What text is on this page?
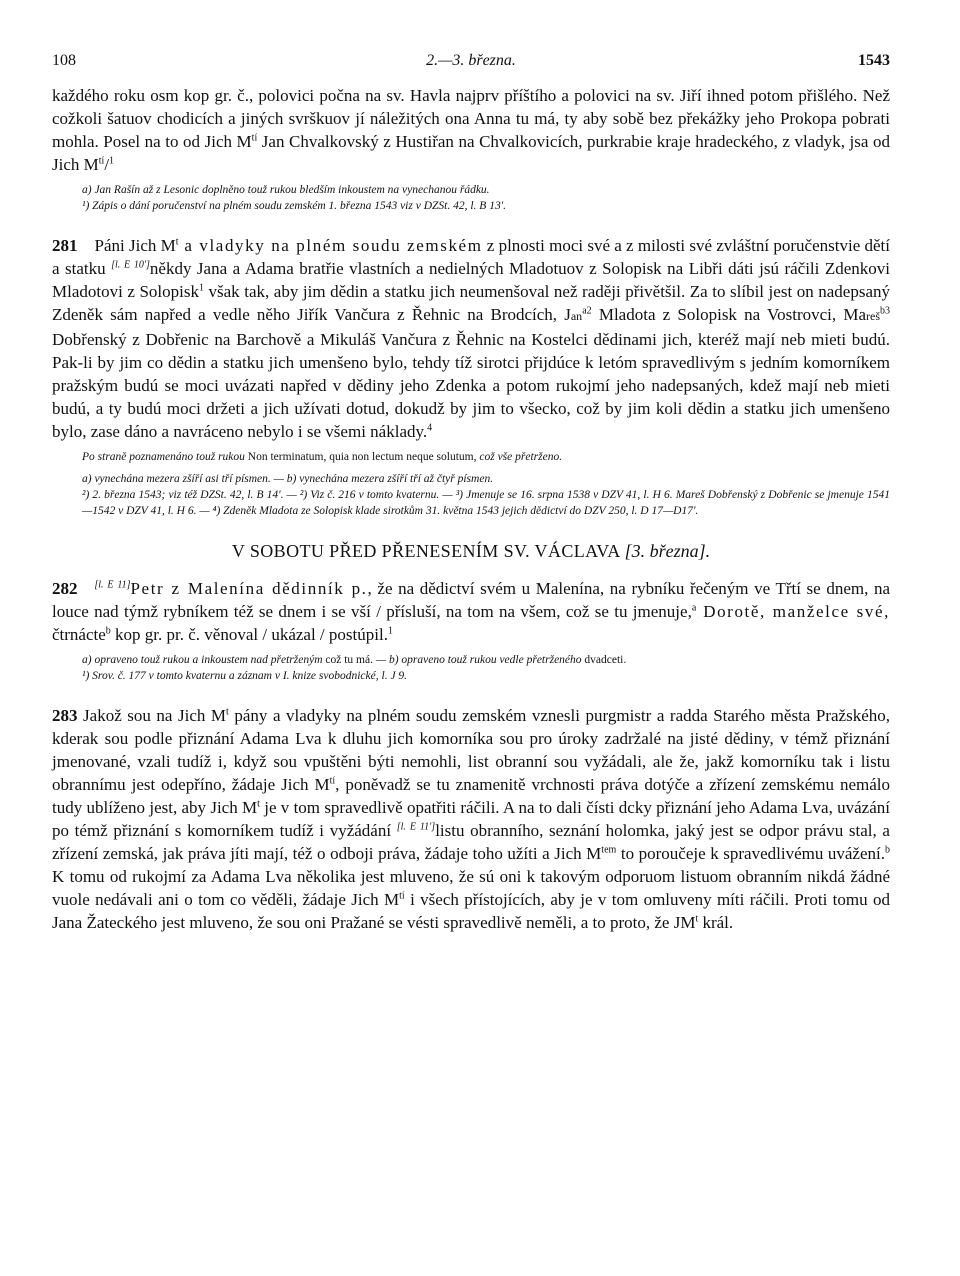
108	2.—3. března.	1543

každého roku osm kop gr. č., polovici počna na sv. Havla najprv příštího a polovici na sv. Jiří ihned potom přišlého. Než cožkoli šatuov chodicích a jiných svrškuov jí náležitých ona Anna tu má, ty aby sobě bez překážky jeho Prokopa pobrati mohla. Posel na to od Jich $M^{tí}$ Jan Chvalkovský z Hustiřan na Chvalkovicích, purkrabie kraje hradeckého, z vladyk, jsa od Jich $M^{tí}/^1$

a) Jan Rašín až z Lesonic doplněno touž rukou bledším inkoustem na vynechanou řádku.

¹) Zápis o dání poručenství na plném soudu zemském 1. března 1543 viz v DZSt. 42, l. B 13'.

281 Páni Jich $M^t$ a vladyky na plném soudu zemském z plnosti moci své a z milosti své zvláštní poručenstvie dětí a statku [l. E 10']někdy Jana a Adama bratřie vlastních a nedielných Mladotuov z Solopisk na Libři dáti jsú ráčili Zdenkovi Mladotovi z Solopisk$^1$ však tak, aby jim dědin a statku jich neumenšoval než raději přivětšil. Za to slíbil jest on nadepsaný Zdeněk sám napřed a vedle něho Jiřík Vančura z Řehnic na Brodcích, Jan$^{a2}$ Mladota z Solopisk na Vostrovci, Mareš$^{b3}$ Dobřenský z Dobřenic na Barchově a Mikuláš Vančura z Řehnic na Kostelci dědinami jich, kteréž mají neb mieti budú. Pak-li by jim co dědin a statku jich umenšeno bylo, tehdy tíž sirotci přijdúce k letóm spravedlivým s jedním komorníkem pražským budú se moci uvázati napřed v dědiny jeho Zdenka a potom rukojmí jeho nadepsaných, kdež mají neb mieti budú, a ty budú moci držeti a jich užívati dotud, dokudž by jim to všecko, což by jim koli dědin a statku jich umenšeno bylo, zase dáno a navráceno nebylo i se všemi náklady.$^4$

Po straně poznamenáno touž rukou Non terminatum, quia non lectum neque solutum, což vše přetrženo.

a) vynechána mezera zšíří asi tří písmen. — b) vynechána mezera zšíří tří až čtyř písmen.

²) 2. března 1543; viz též DZSt. 42, l. B 14'. — ²) Viz č. 216 v tomto kvaternu. — ³) Jmenuje se 16. srpna 1538 v DZV 41, l. H 6. Mareš Dobřenský z Dobřenic se jmenuje 1541—1542 v DZV 41, l. H 6. — ⁴) Zdeněk Mladota ze Solopisk klade sirotkům 31. května 1543 jejich dědictví do DZV 250, l. D 17—D17'.

V SOBOTU PŘED PŘENESENÍM SV. VÁCLAVA [3. března].

282 [l. E 11]Petr z Malenína dědinník p., že na dědictví svém u Malenína, na rybníku řečeným ve Třtí se dnem, na louce nad týmž rybníkem též se dnem i se vší / přísluší, na tom na všem, což se tu jmenuje,$^a$ Dorotě, manželce své, čtrnácte$^b$ kop gr. pr. č. věnoval / ukázal / postúpil.$^1$

a) opraveno touž rukou a inkoustem nad přetrženým což tu má. — b) opraveno touž rukou vedle přetrženého dvadceti.

¹) Srov. č. 177 v tomto kvaternu a záznam v I. knize svobodnické, l. J 9.

283 Jakož sou na Jich $M^t$ pány a vladyky na plném soudu zemském vznesli purgmistr a radda Starého města Pražského, kderak sou podle přiznání Adama Lva k dluhu jich komorníka sou pro úroky zadržalé na jisté dědiny, v témž přiznání jmenované, vzali tudíž i, když sou vpuštěni býti nemohli, list obranní sou vyžádali, ale že, jakž komorníku tak i listu obrannímu jest odepříno, žádaje Jich $M^{tí}$, poněvadž se tu znamenitě vrchnosti práva dotýče a zřízení zemskému nemálo tudy ublíženo jest, aby Jich $M^t$ je v tom spravedlivě opatřiti ráčili. A na to dali čísti dcky přiznání jeho Adama Lva, uvázání po témž přiznání s komorníkem tudíž i vyžádání [l. E 11']listu obranního, seznání holomka, jaký jest se odpor právu stal, a zřízení zemská, jak práva jíti mají, též o odboji práva, žádaje toho užíti a Jich $M^{tem}$ to poroučeje k spravedlivému uvážení.$^b$ K tomu od rukojmí za Adama Lva několika jest mluveno, že sú oni k takovým odporuom listuom obranním nikdá žádné vuole nedávali ani o tom co věděli, žádaje Jich $M^{tí}$ i všech přístojících, aby je v tom omluveny míti ráčili. Proti tomu od Jana Žateckého jest mluveno, že sou oni Pražané se vésti spravedlivě neměli, a to proto, že $JM^t$ král.
